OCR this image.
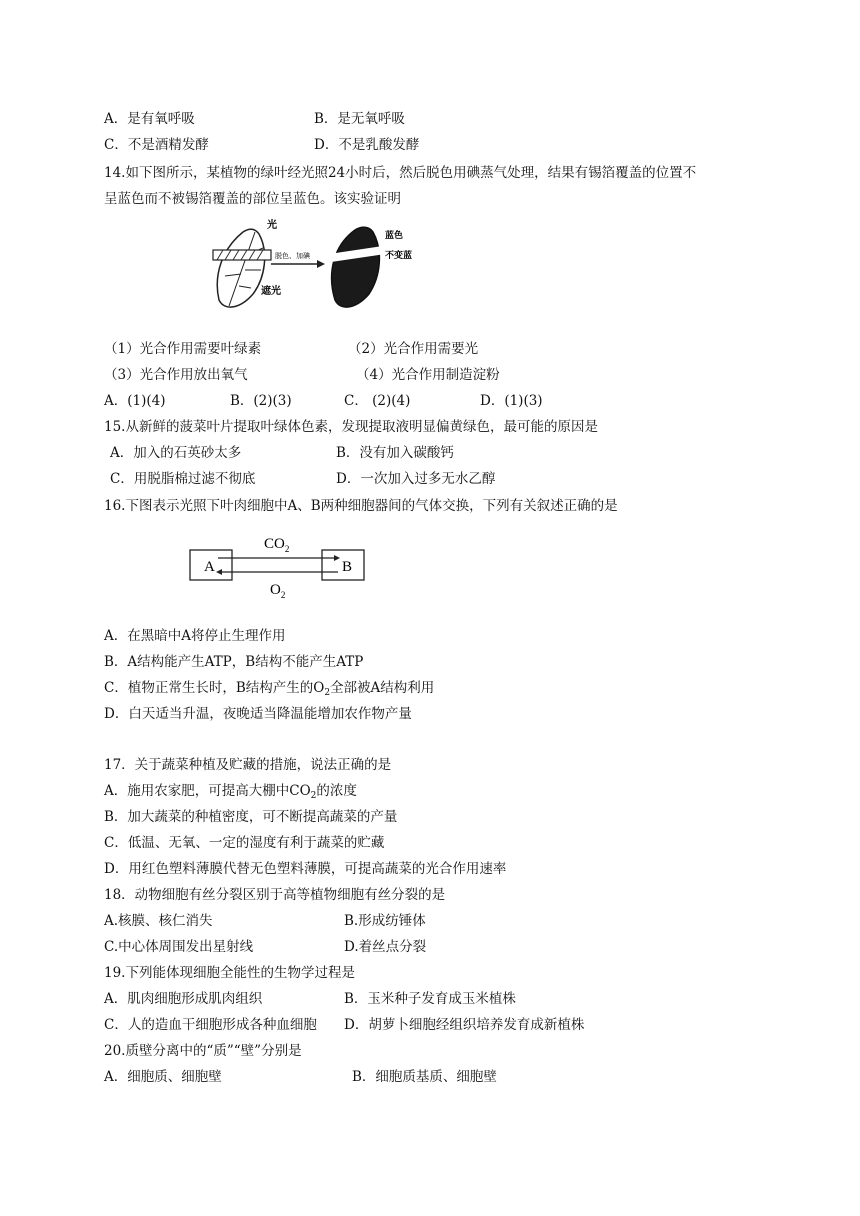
A．是有氧呼吸	B．是无氧呼吸
C．不是酒精发酵	D．不是乳酸发酵
14.如下图所示，某植物的绿叶经光照24小时后，然后脱色用碘蒸气处理，结果有锡箔覆盖的位置不
呈蓝色而不被锡箔覆盖的部位呈蓝色。该实验证明
光
遮光
脱色、加碘
蓝色
不变蓝
（1）光合作用需要叶绿素	（2）光合作用需要光
（3）光合作用放出氧气	（4）光合作用制造淀粉
A．(1)(4)	B．(2)(3)	C． (2)(4)	D．(1)(3)
15.从新鲜的菠菜叶片提取叶绿体色素，发现提取液明显偏黄绿色，最可能的原因是
A．加入的石英砂太多	B．没有加入碳酸钙
C．用脱脂棉过滤不彻底	D．一次加入过多无水乙醇
16.下图表示光照下叶肉细胞中A、B两种细胞器间的气体交换，下列有关叙述正确的是
A	B
$CO_2$
$O_2$
A．在黑暗中A将停止生理作用
B．A结构能产生ATP，B结构不能产生ATP
C．植物正常生长时，B结构产生的$O_2$全部被A结构利用
D．白天适当升温，夜晚适当降温能增加农作物产量
17．关于蔬菜种植及贮藏的措施，说法正确的是
A．施用农家肥，可提高大棚中$CO_2$的浓度
B．加大蔬菜的种植密度，可不断提高蔬菜的产量
C．低温、无氧、一定的湿度有利于蔬菜的贮藏
D．用红色塑料薄膜代替无色塑料薄膜，可提高蔬菜的光合作用速率
18．动物细胞有丝分裂区别于高等植物细胞有丝分裂的是
A.核膜、核仁消失	B.形成纺锤体
C.中心体周围发出星射线	D.着丝点分裂
19.下列能体现细胞全能性的生物学过程是
A．肌肉细胞形成肌肉组织	B．玉米种子发育成玉米植株
C．人的造血干细胞形成各种血细胞 D．胡萝卜细胞经组织培养发育成新植株
20.质壁分离中的“质”“壁”分别是
A．细胞质、细胞壁	B．细胞质基质、细胞壁
